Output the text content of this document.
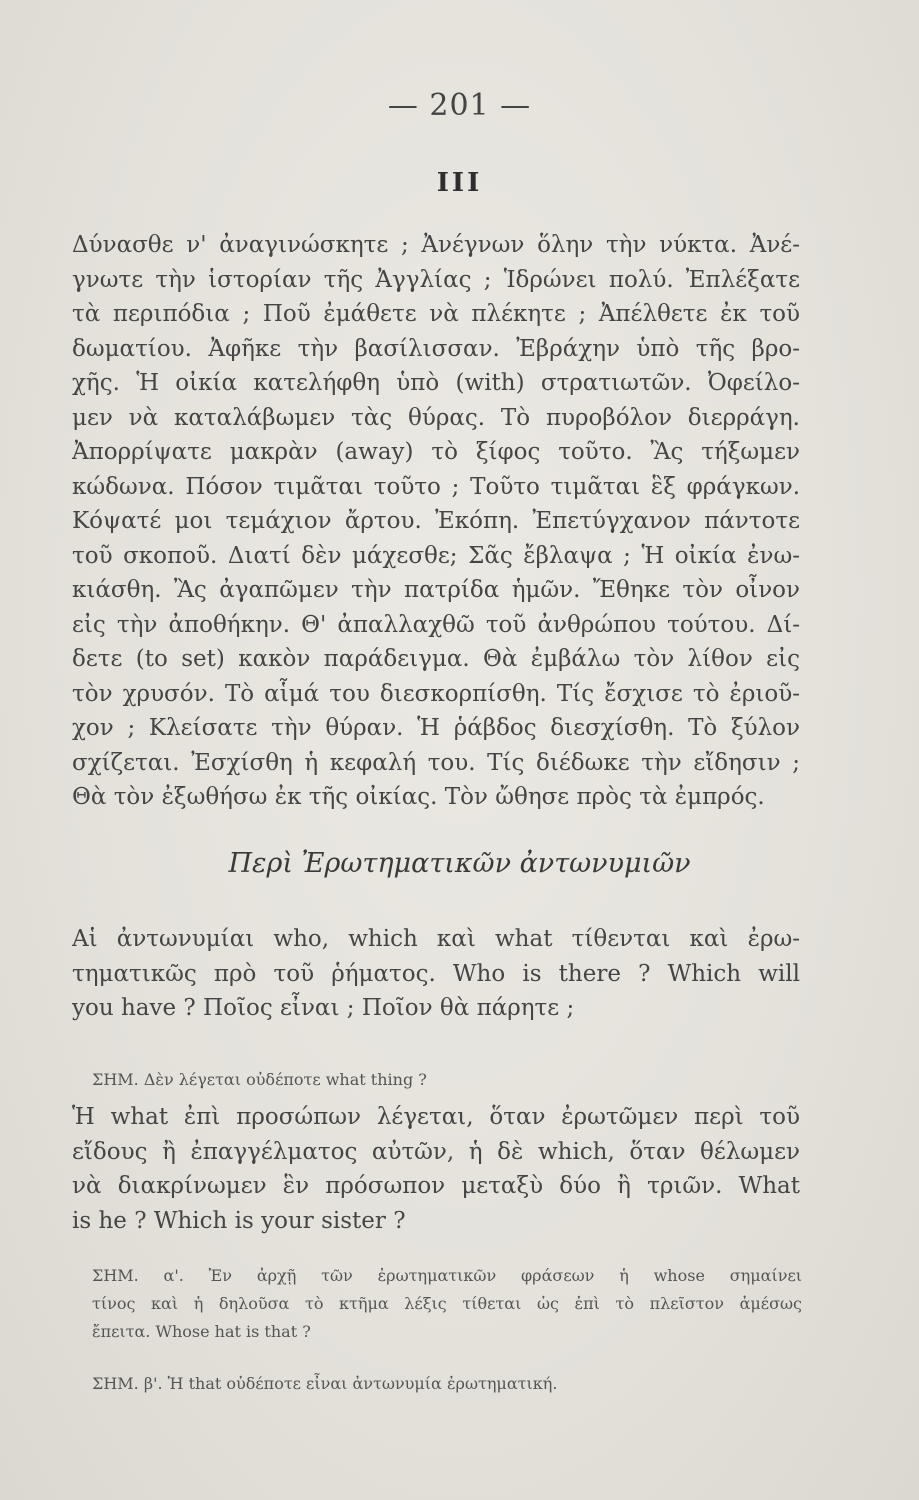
— 201 —
III
Δύνασθε ν' ἀναγινώσκητε ; Ἀνέγνων ὅλην τὴν νύκτα. Ἀνέ-
γνωτε τὴν ἱστορίαν τῆς Ἀγγλίας ; Ἱδρώνει πολύ. Ἐπλέξατε
τὰ περιπόδια ; Ποῦ ἐμάθετε νὰ πλέκητε ; Ἀπέλθετε ἐκ τοῦ
δωματίου. Ἀφῆκε τὴν βασίλισσαν. Ἐβράχην ὑπὸ τῆς βρο-
χῆς. Ἡ οἰκία κατελήφθη ὑπὸ (with) στρατιωτῶν. Ὀφείλο-
μεν νὰ καταλάβωμεν τὰς θύρας. Τὸ πυροβόλον διερράγη.
Ἀπορρίψατε μακρὰν (away) τὸ ξίφος τοῦτο. Ἂς τήξωμεν
κώδωνα. Πόσον τιμᾶται τοῦτο ; Τοῦτο τιμᾶται ἓξ φράγκων.
Κόψατέ μοι τεμάχιον ἄρτου. Ἐκόπη. Ἐπετύγχανον πάντοτε
τοῦ σκοποῦ. Διατί δὲν μάχεσθε; Σᾶς ἔβλαψα ; Ἡ οἰκία ἐνω-
κιάσθη. Ἂς ἀγαπῶμεν τὴν πατρίδα ἡμῶν. Ἔθηκε τὸν οἶνον
εἰς τὴν ἀποθήκην. Θ' ἀπαλλαχθῶ τοῦ ἀνθρώπου τούτου. Δί-
δετε (to set) κακὸν παράδειγμα. Θὰ ἐμβάλω τὸν λίθον εἰς
τὸν χρυσόν. Τὸ αἷμά του διεσκορπίσθη. Τίς ἔσχισε τὸ ἐριοῦ-
χον ; Κλείσατε τὴν θύραν. Ἡ ῥάβδος διεσχίσθη. Τὸ ξύλον
σχίζεται. Ἐσχίσθη ἡ κεφαλή του. Τίς διέδωκε τὴν εἴδησιν ;
Θὰ τὸν ἐξωθήσω ἐκ τῆς οἰκίας. Τὸν ὤθησε πρὸς τὰ ἐμπρός.
Περὶ Ἐρωτηματικῶν ἀντωνυμιῶν
Αἱ ἀντωνυμίαι who, which καὶ what τίθενται καὶ ἐρω-
τηματικῶς πρὸ τοῦ ῥήματος. Who is there ? Which will
you have ? Ποῖος εἶναι ; Ποῖον θὰ πάρητε ;
ΣΗΜ. Δὲν λέγεται οὐδέποτε what thing ?
Ἡ what ἐπὶ προσώπων λέγεται, ὅταν ἐρωτῶμεν περὶ τοῦ
εἴδους ἢ ἐπαγγέλματος αὐτῶν, ἡ δὲ which, ὅταν θέλωμεν
νὰ διακρίνωμεν ἓν πρόσωπον μεταξὺ δύο ἢ τριῶν. What
is he ? Which is your sister ?
ΣΗΜ. α'. Ἐν ἀρχῇ τῶν ἐρωτηματικῶν φράσεων ἡ whose σημαίνει
τίνος καὶ ἡ δηλοῦσα τὸ κτῆμα λέξις τίθεται ὡς ἐπὶ τὸ πλεῖστον ἀμέσως
ἔπειτα. Whose hat is that ?
ΣΗΜ. β'. Ἡ that οὐδέποτε εἶναι ἀντωνυμία ἐρωτηματική.
